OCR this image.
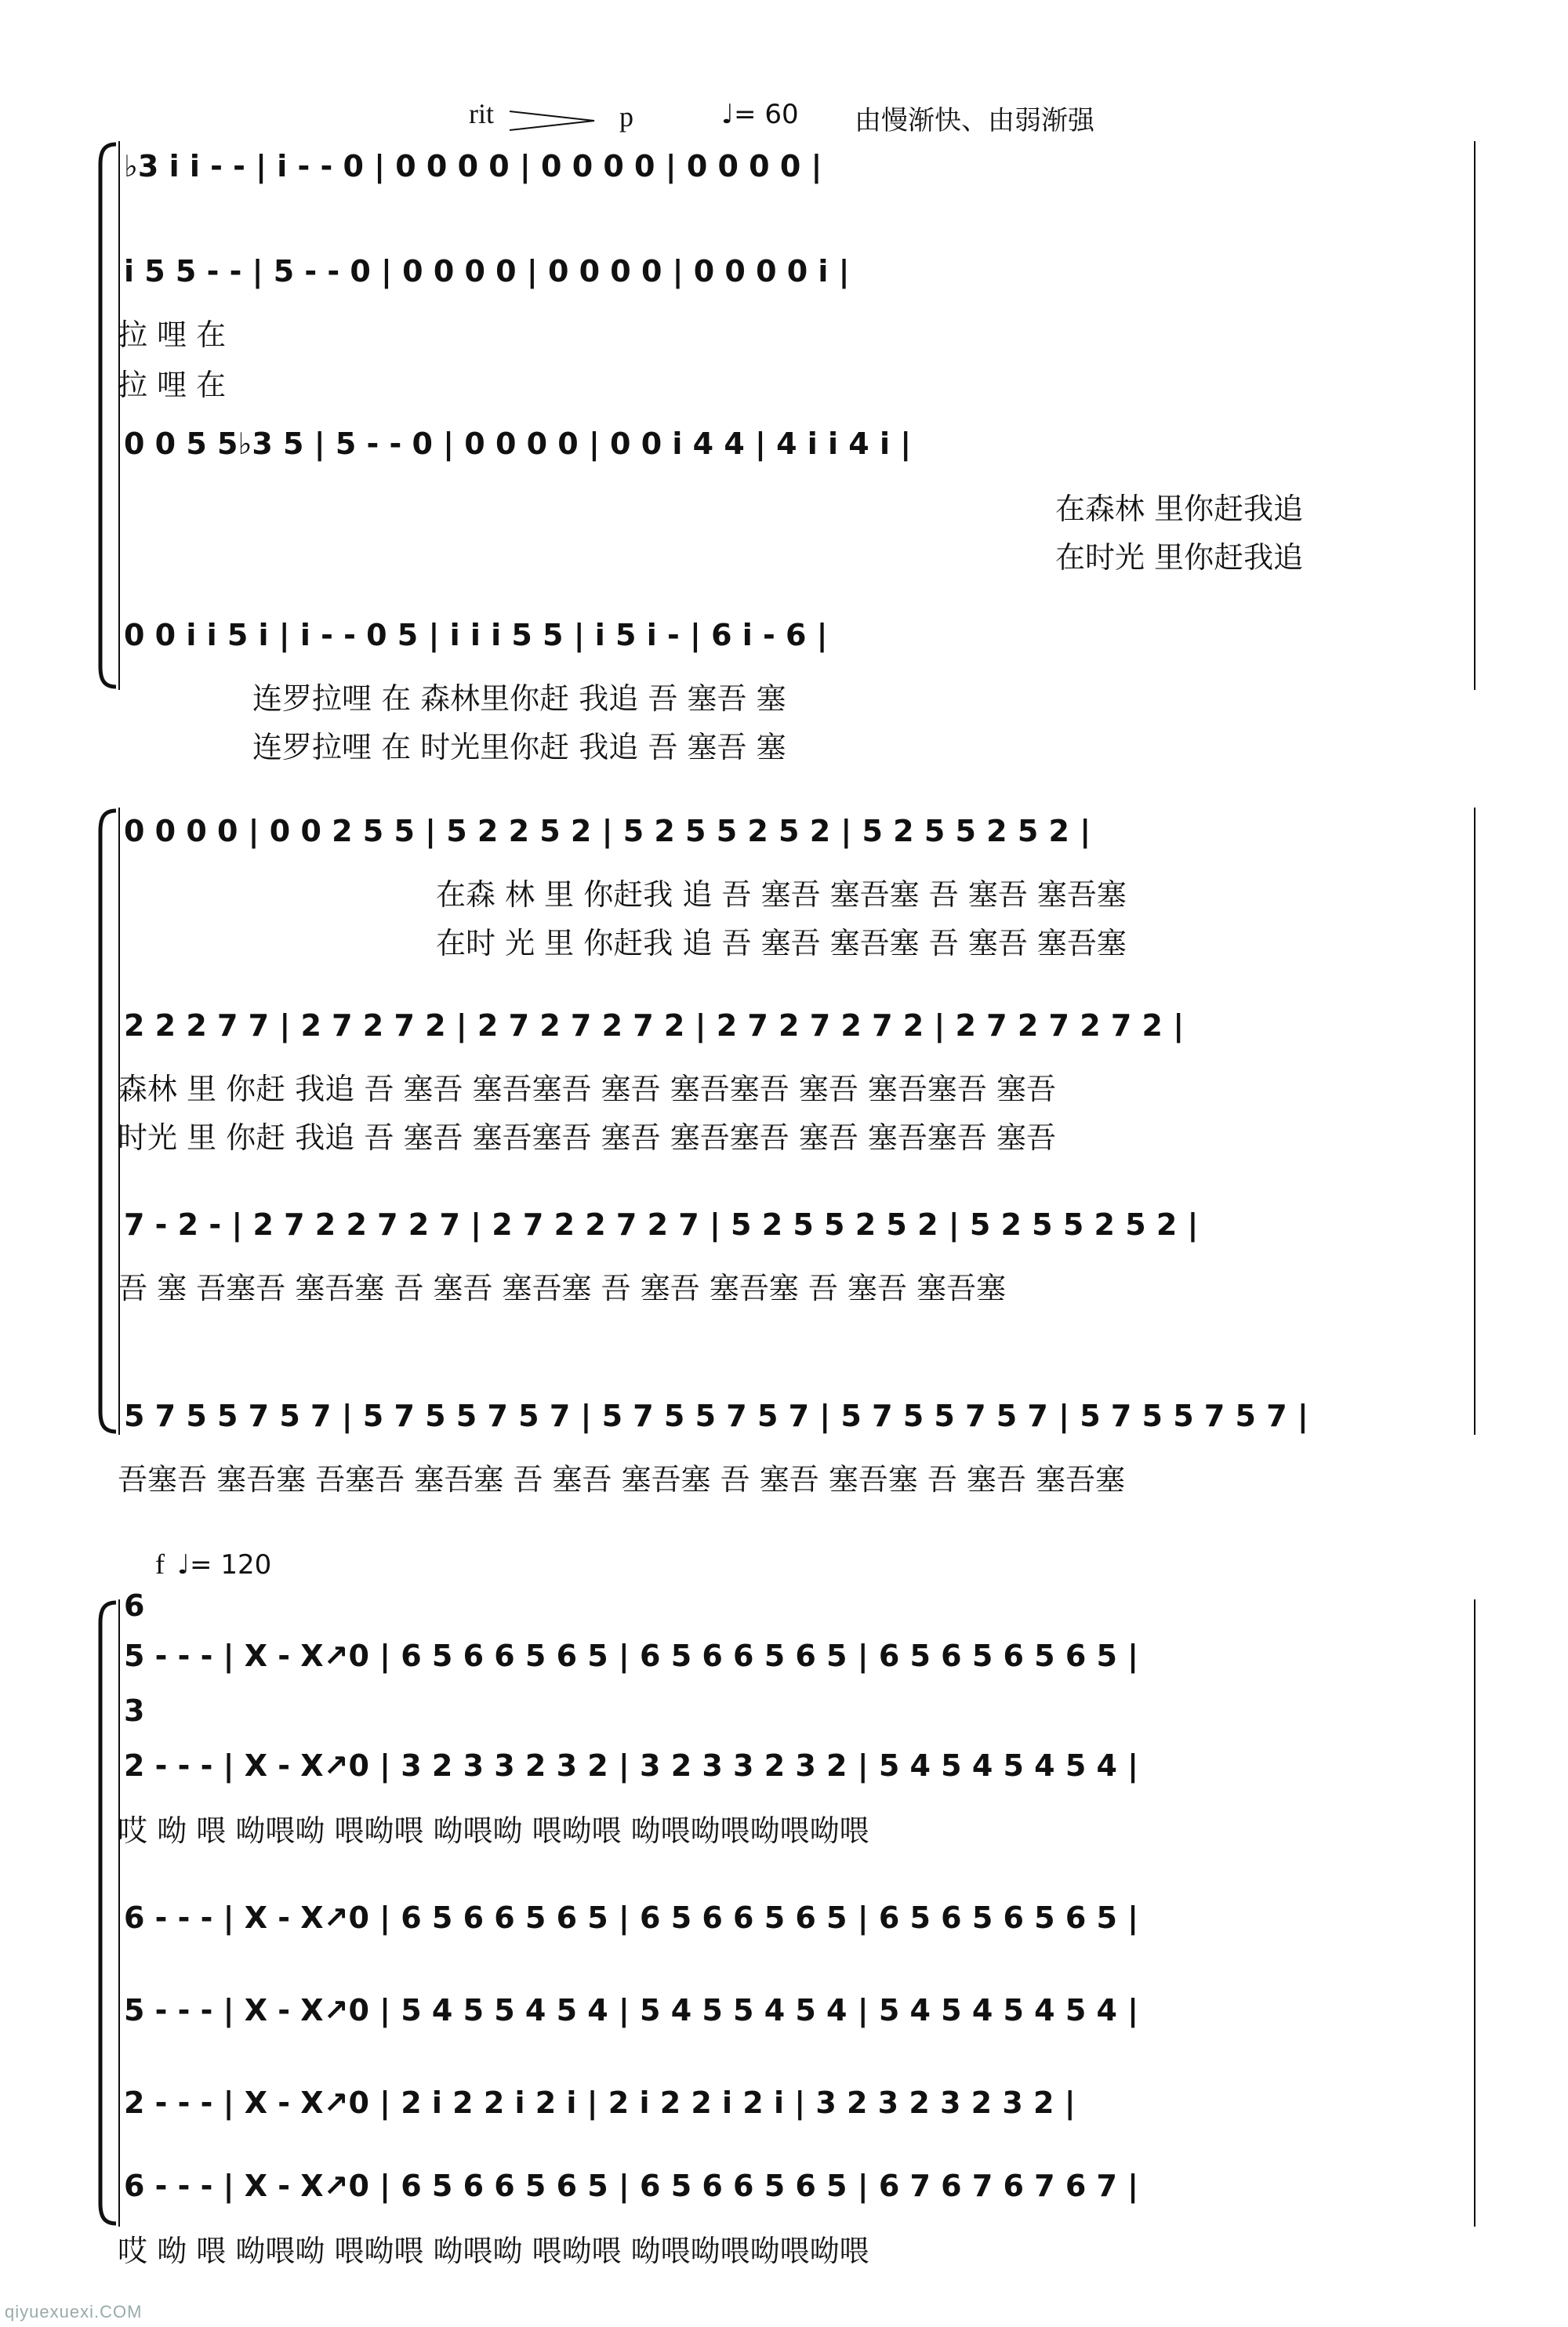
rit	p	♩= 60 由慢渐快、由弱渐强
♭3 i i - - | i - - 0 | 0 0 0 0 | 0 0 0 0 | 0 0 0 0 |
i 5 5 - - | 5 - - 0 | 0 0 0 0 | 0 0 0 0 | 0 0 0 0 i |
拉 哩 在
拉 哩 在
0 0 5 5♭3 5 | 5 - - 0 | 0 0 0 0 | 0 0 i 4 4 | 4 i i 4 i |
在森林 里你赶我追
在时光 里你赶我追
0 0 i i 5 i | i - - 0 5 | i i i 5 5 | i 5 i - | 6 i - 6 |
连罗拉哩 在 森林里你赶 我追 吾 塞吾 塞
连罗拉哩 在 时光里你赶 我追 吾 塞吾 塞
0 0 0 0 | 0 0 2 5 5 | 5 2 2 5 2 | 5 2 5 5 2 5 2 | 5 2 5 5 2 5 2 |
在森 林 里 你赶我 追 吾 塞吾 塞吾塞 吾 塞吾 塞吾塞
在时 光 里 你赶我 追 吾 塞吾 塞吾塞 吾 塞吾 塞吾塞
2 2 2 7 7 | 2 7 2 7 2 | 2 7 2 7 2 7 2 | 2 7 2 7 2 7 2 | 2 7 2 7 2 7 2 |
森林 里 你赶 我追 吾 塞吾 塞吾塞吾 塞吾 塞吾塞吾 塞吾 塞吾塞吾 塞吾
时光 里 你赶 我追 吾 塞吾 塞吾塞吾 塞吾 塞吾塞吾 塞吾 塞吾塞吾 塞吾
7 - 2 - | 2 7 2 2 7 2 7 | 2 7 2 2 7 2 7 | 5 2 5 5 2 5 2 | 5 2 5 5 2 5 2 |
吾 塞 吾塞吾 塞吾塞 吾 塞吾 塞吾塞 吾 塞吾 塞吾塞 吾 塞吾 塞吾塞
5 7 5 5 7 5 7 | 5 7 5 5 7 5 7 | 5 7 5 5 7 5 7 | 5 7 5 5 7 5 7 | 5 7 5 5 7 5 7 |
吾塞吾 塞吾塞 吾塞吾 塞吾塞 吾 塞吾 塞吾塞 吾 塞吾 塞吾塞 吾 塞吾 塞吾塞
f ♩= 120
6
5 - - - | X - X↗0 | 6 5 6 6 5 6 5 | 6 5 6 6 5 6 5 | 6 5 6 5 6 5 6 5 |
3
2 - - - | X - X↗0 | 3 2 3 3 2 3 2 | 3 2 3 3 2 3 2 | 5 4 5 4 5 4 5 4 |
哎 呦 喂 呦喂呦 喂呦喂 呦喂呦 喂呦喂 呦喂呦喂呦喂呦喂
6 - - - | X - X↗0 | 6 5 6 6 5 6 5 | 6 5 6 6 5 6 5 | 6 5 6 5 6 5 6 5 |
5 - - - | X - X↗0 | 5 4 5 5 4 5 4 | 5 4 5 5 4 5 4 | 5 4 5 4 5 4 5 4 |
2 - - - | X - X↗0 | 2 i 2 2 i 2 i | 2 i 2 2 i 2 i | 3 2 3 2 3 2 3 2 |
6 - - - | X - X↗0 | 6 5 6 6 5 6 5 | 6 5 6 6 5 6 5 | 6 7 6 7 6 7 6 7 |
哎 呦 喂 呦喂呦 喂呦喂 呦喂呦 喂呦喂 呦喂呦喂呦喂呦喂
qiyuexuexi.COM
